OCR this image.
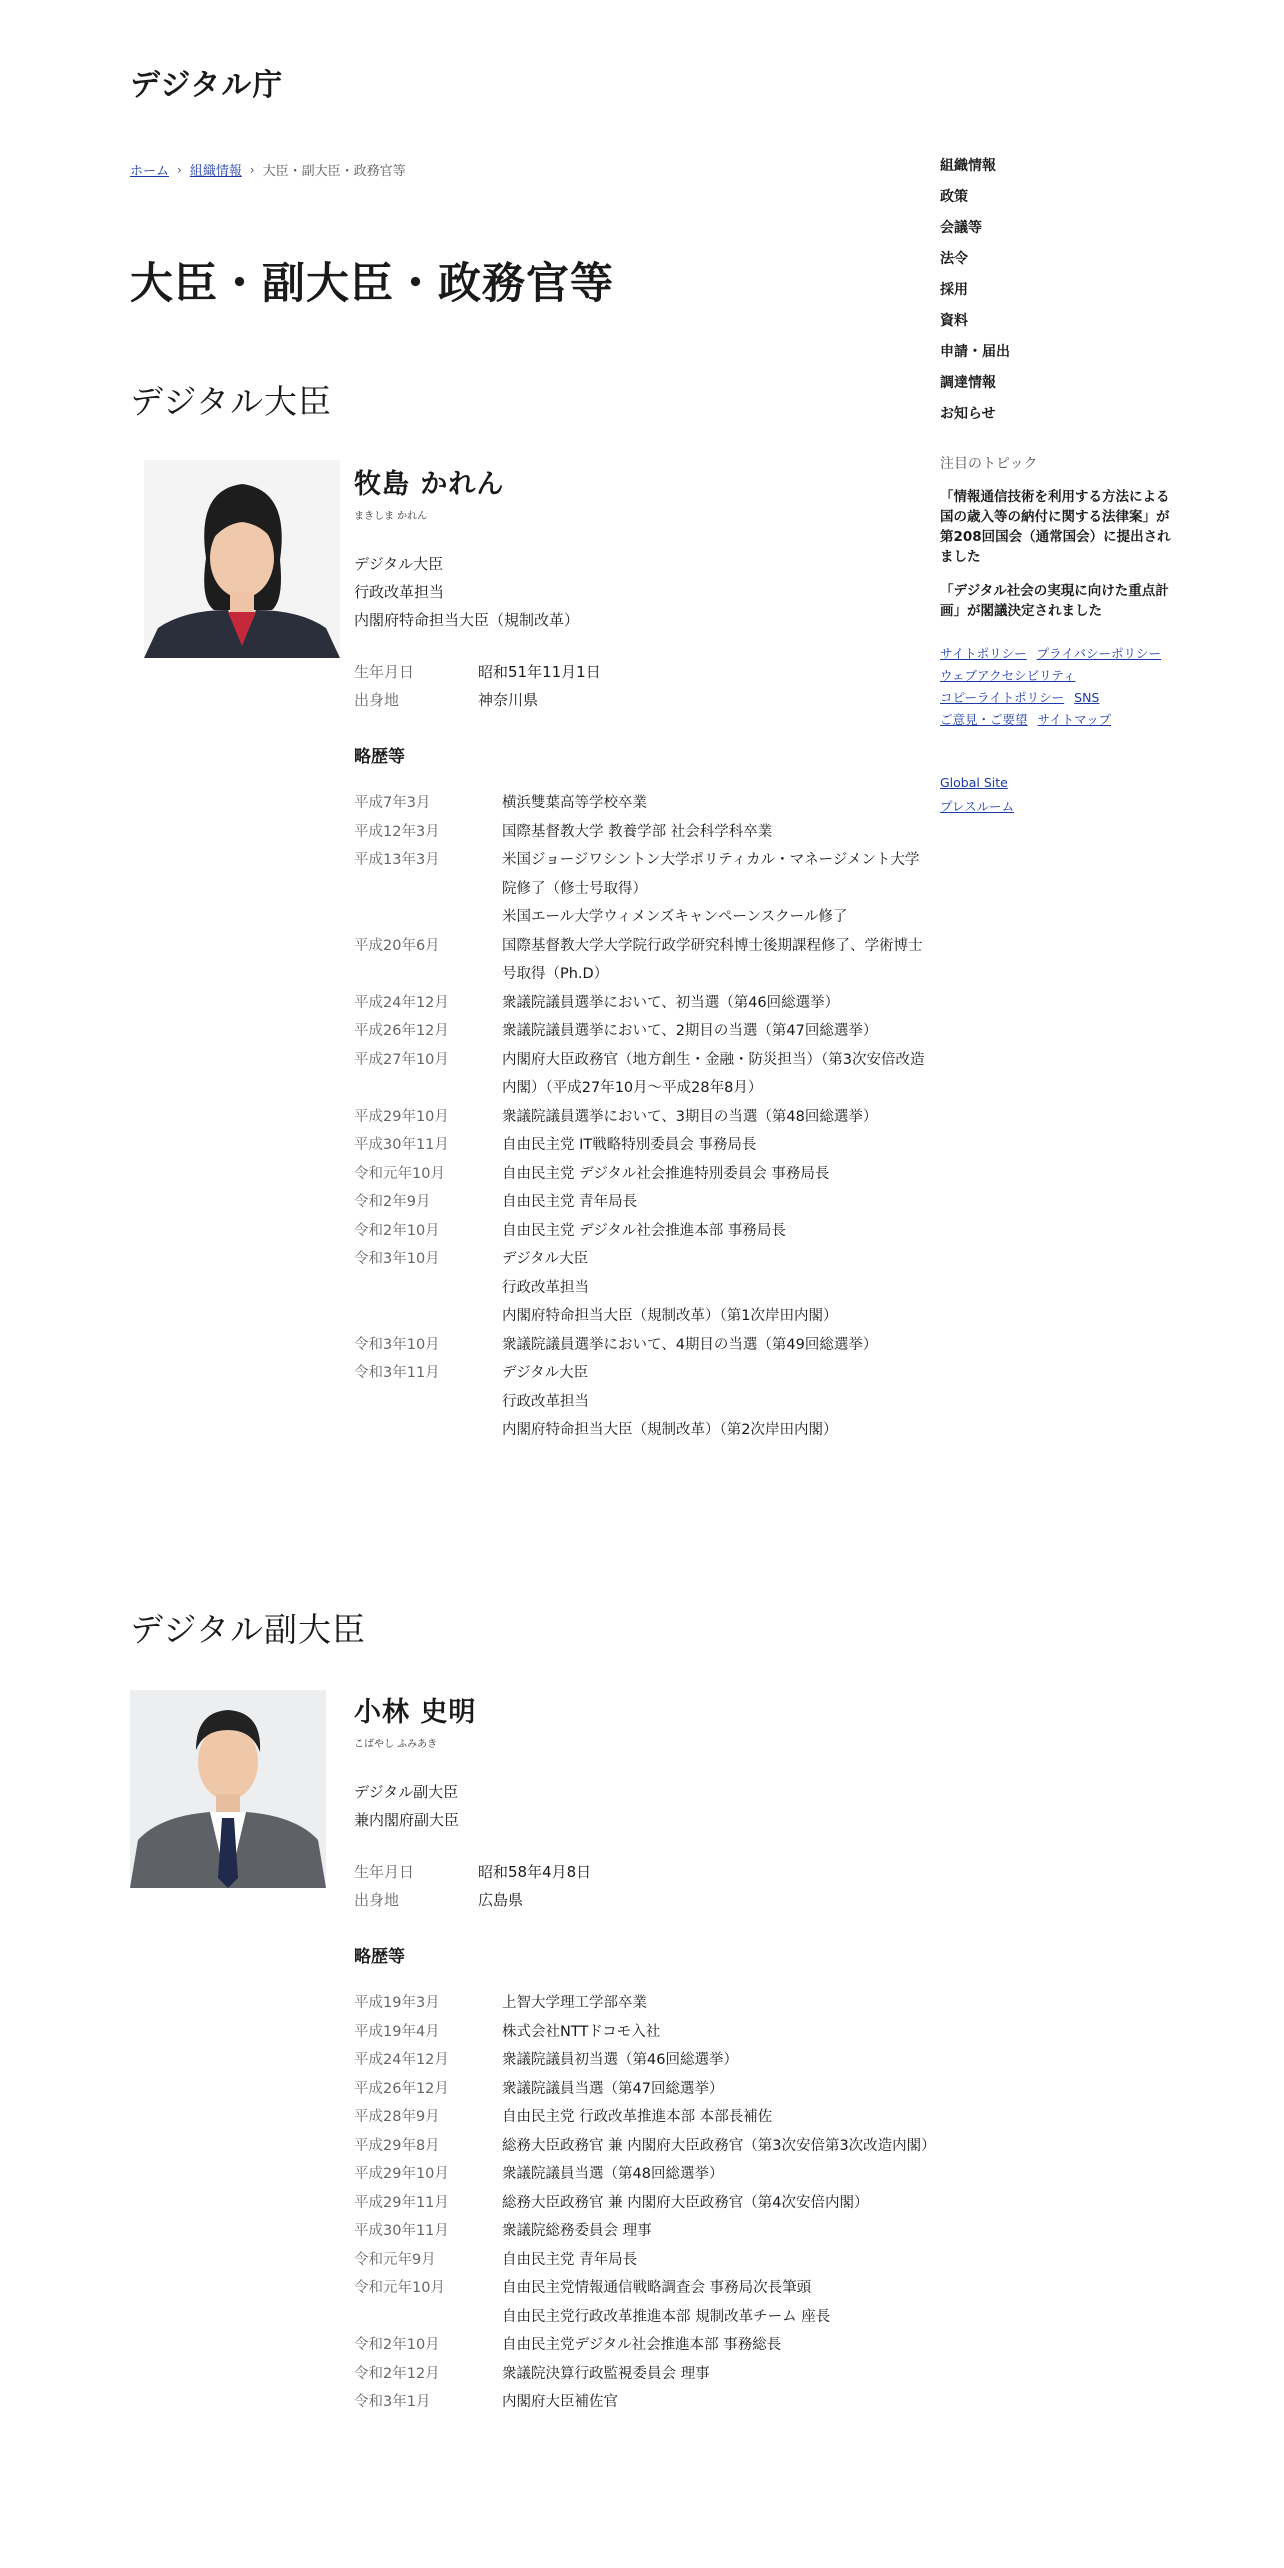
デジタル庁
ホーム › 組織情報 › 大臣・副大臣・政務官等
大臣・副大臣・政務官等
デジタル大臣
牧島 かれん
まきしま かれん
デジタル大臣
行政改革担当
内閣府特命担当大臣（規制改革）
生年月日	昭和51年11月1日
出身地	神奈川県
略歴等
平成7年3月	横浜雙葉高等学校卒業
平成12年3月	国際基督教大学 教養学部 社会科学科卒業
平成13年3月	米国ジョージワシントン大学ポリティカル・マネージメント大学院修了（修士号取得）
米国エール大学ウィメンズキャンペーンスクール修了
平成20年6月	国際基督教大学大学院行政学研究科博士後期課程修了、学術博士号取得（Ph.D）
平成24年12月	衆議院議員選挙において、初当選（第46回総選挙）
平成26年12月	衆議院議員選挙において、2期目の当選（第47回総選挙）
平成27年10月	内閣府大臣政務官（地方創生・金融・防災担当）（第3次安倍改造内閣）（平成27年10月～平成28年8月）
平成29年10月	衆議院議員選挙において、3期目の当選（第48回総選挙）
平成30年11月	自由民主党 IT戦略特別委員会 事務局長
令和元年10月	自由民主党 デジタル社会推進特別委員会 事務局長
令和2年9月	自由民主党 青年局長
令和2年10月	自由民主党 デジタル社会推進本部 事務局長
令和3年10月	デジタル大臣
行政改革担当
内閣府特命担当大臣（規制改革）（第1次岸田内閣）
令和3年10月	衆議院議員選挙において、4期目の当選（第49回総選挙）
令和3年11月	デジタル大臣
行政改革担当
内閣府特命担当大臣（規制改革）（第2次岸田内閣）
デジタル副大臣
小林 史明
こばやし ふみあき
デジタル副大臣
兼内閣府副大臣
生年月日	昭和58年4月8日
出身地	広島県
略歴等
平成19年3月	上智大学理工学部卒業
平成19年4月	株式会社NTTドコモ入社
平成24年12月	衆議院議員初当選（第46回総選挙）
平成26年12月	衆議院議員当選（第47回総選挙）
平成28年9月	自由民主党 行政改革推進本部 本部長補佐
平成29年8月	総務大臣政務官 兼 内閣府大臣政務官（第3次安倍第3次改造内閣）
平成29年10月	衆議院議員当選（第48回総選挙）
平成29年11月	総務大臣政務官 兼 内閣府大臣政務官（第4次安倍内閣）
平成30年11月	衆議院総務委員会 理事
令和元年9月	自由民主党 青年局長
令和元年10月	自由民主党情報通信戦略調査会 事務局次長筆頭
自由民主党行政改革推進本部 規制改革チーム 座長
令和2年10月	自由民主党デジタル社会推進本部 事務総長
令和2年12月	衆議院決算行政監視委員会 理事
令和3年1月	内閣府大臣補佐官
組織情報
政策
会議等
法令
採用
資料
申請・届出
調達情報
お知らせ
注目のトピック
「情報通信技術を利用する方法による国の歳入等の納付に関する法律案」が第208回国会（通常国会）に提出されました
「デジタル社会の実現に向けた重点計画」が閣議決定されました
サイトポリシー プライバシーポリシー
ウェブアクセシビリティ
コピーライトポリシー SNS
ご意見・ご要望 サイトマップ
Global Site
プレスルーム
